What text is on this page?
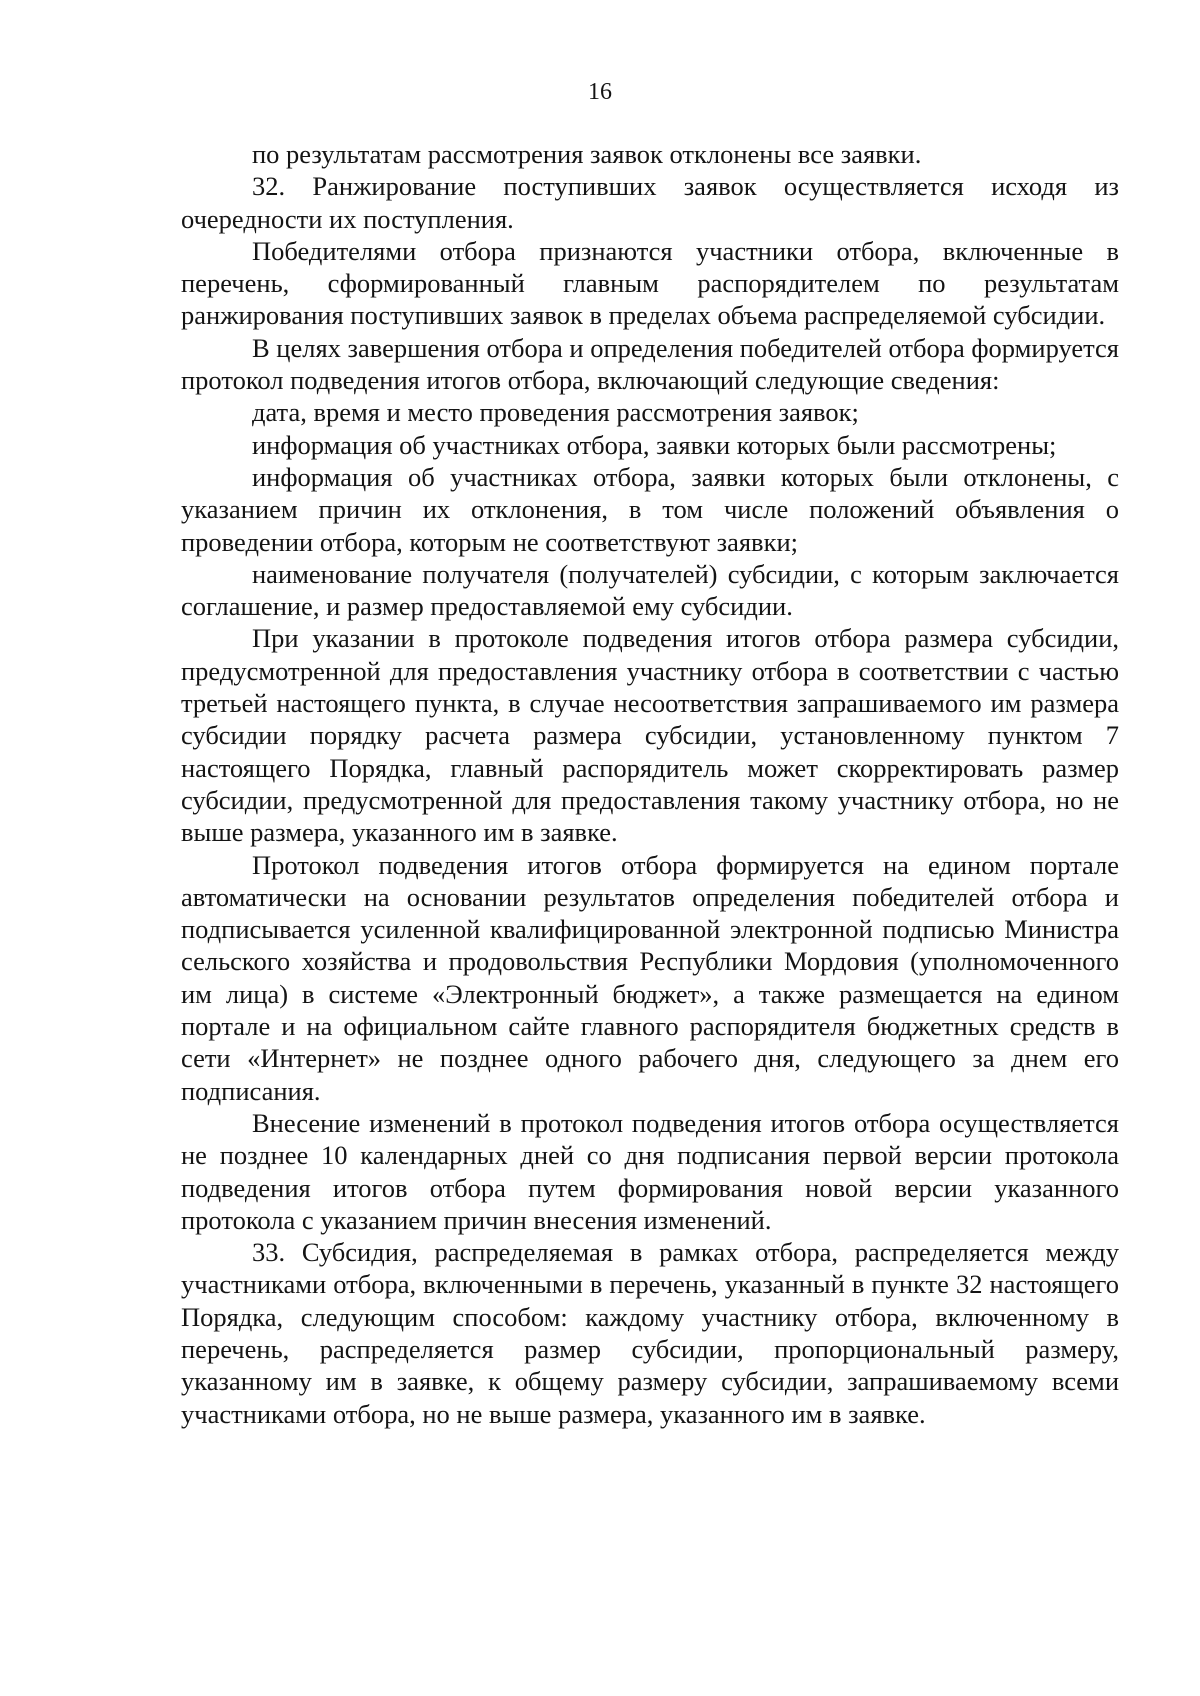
16

по результатам рассмотрения заявок отклонены все заявки.

32. Ранжирование поступивших заявок осуществляется исходя из очередности их поступления.

Победителями отбора признаются участники отбора, включенные в перечень, сформированный главным распорядителем по результатам ранжирования поступивших заявок в пределах объема распределяемой субсидии.

В целях завершения отбора и определения победителей отбора формируется протокол подведения итогов отбора, включающий следующие сведения:

дата, время и место проведения рассмотрения заявок;

информация об участниках отбора, заявки которых были рассмотрены;

информация об участниках отбора, заявки которых были отклонены, с указанием причин их отклонения, в том числе положений объявления о проведении отбора, которым не соответствуют заявки;

наименование получателя (получателей) субсидии, с которым заключается соглашение, и размер предоставляемой ему субсидии.

При указании в протоколе подведения итогов отбора размера субсидии, предусмотренной для предоставления участнику отбора в соответствии с частью третьей настоящего пункта, в случае несоответствия запрашиваемого им размера субсидии порядку расчета размера субсидии, установленному пунктом 7 настоящего Порядка, главный распорядитель может скорректировать размер субсидии, предусмотренной для предоставления такому участнику отбора, но не выше размера, указанного им в заявке.

Протокол подведения итогов отбора формируется на едином портале автоматически на основании результатов определения победителей отбора и подписывается усиленной квалифицированной электронной подписью Министра сельского хозяйства и продовольствия Республики Мордовия (уполномоченного им лица) в системе «Электронный бюджет», а также размещается на едином портале и на официальном сайте главного распорядителя бюджетных средств в сети «Интернет» не позднее одного рабочего дня, следующего за днем его подписания.

Внесение изменений в протокол подведения итогов отбора осуществляется не позднее 10 календарных дней со дня подписания первой версии протокола подведения итогов отбора путем формирования новой версии указанного протокола с указанием причин внесения изменений.

33. Субсидия, распределяемая в рамках отбора, распределяется между участниками отбора, включенными в перечень, указанный в пункте 32 настоящего Порядка, следующим способом: каждому участнику отбора, включенному в перечень, распределяется размер субсидии, пропорциональный размеру, указанному им в заявке, к общему размеру субсидии, запрашиваемому всеми участниками отбора, но не выше размера, указанного им в заявке.
